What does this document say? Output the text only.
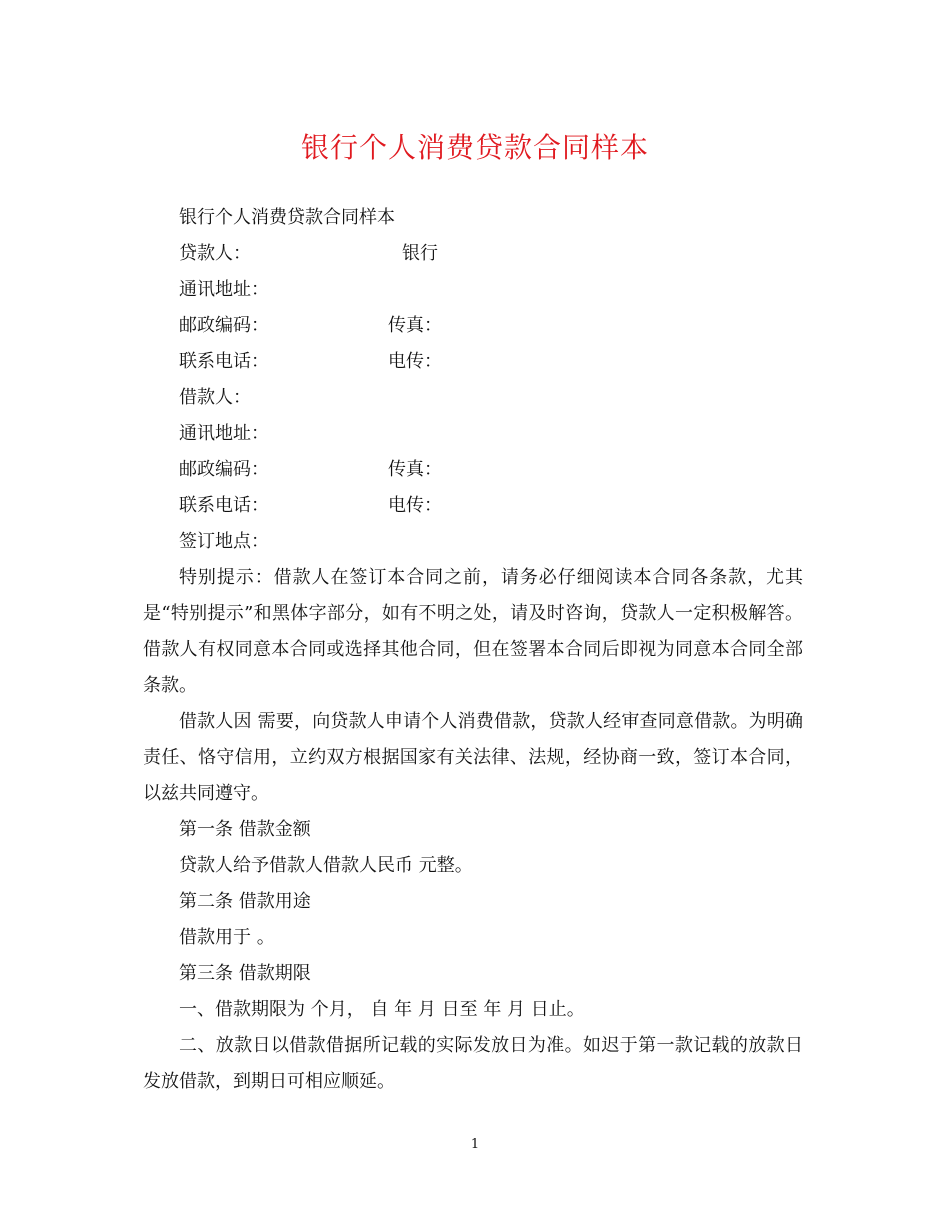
银行个人消费贷款合同样本
银行个人消费贷款合同样本
贷款人：	银行
通讯地址：
邮政编码：	传真：
联系电话：	电传：
借款人：
通讯地址：
邮政编码：	传真：
联系电话：	电传：
签订地点：

特别提示：借款人在签订本合同之前，请务必仔细阅读本合同各条款，尤其是“特别提示”和黑体字部分，如有不明之处，请及时咨询，贷款人一定积极解答。借款人有权同意本合同或选择其他合同，但在签署本合同后即视为同意本合同全部条款。

借款人因 需要，向贷款人申请个人消费借款，贷款人经审查同意借款。为明确责任、恪守信用，立约双方根据国家有关法律、法规，经协商一致，签订本合同，以兹共同遵守。

第一条 借款金额
贷款人给予借款人借款人民币 元整。
第二条 借款用途
借款用于 。
第三条 借款期限
一、借款期限为 个月， 自 年 月 日至 年 月 日止。

二、放款日以借款借据所记载的实际发放日为准。如迟于第一款记载的放款日发放借款，到期日可相应顺延。

1
